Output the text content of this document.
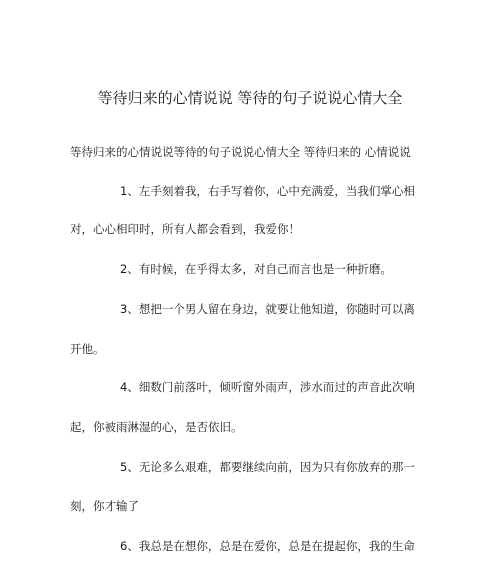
等待归来的心情说说 等待的句子说说心情大全
等待归来的心情说说等待的句子说说心情大全 等待归来的 心情说说
1、左手刻着我，右手写着你，心中充满爱，当我们掌心相
对，心心相印时，所有人都会看到，我爱你！
2、有时候，在乎得太多，对自己而言也是一种折磨。
3、想把一个男人留在身边，就要让他知道，你随时可以离
开他。
4、细数门前落叶，倾听窗外雨声，涉水而过的声音此次响
起，你被雨淋湿的心，是否依旧。
5、无论多么艰难，都要继续向前，因为只有你放弃的那一
刻，你才输了
6、我总是在想你，总是在爱你，总是在提起你，我的生命
